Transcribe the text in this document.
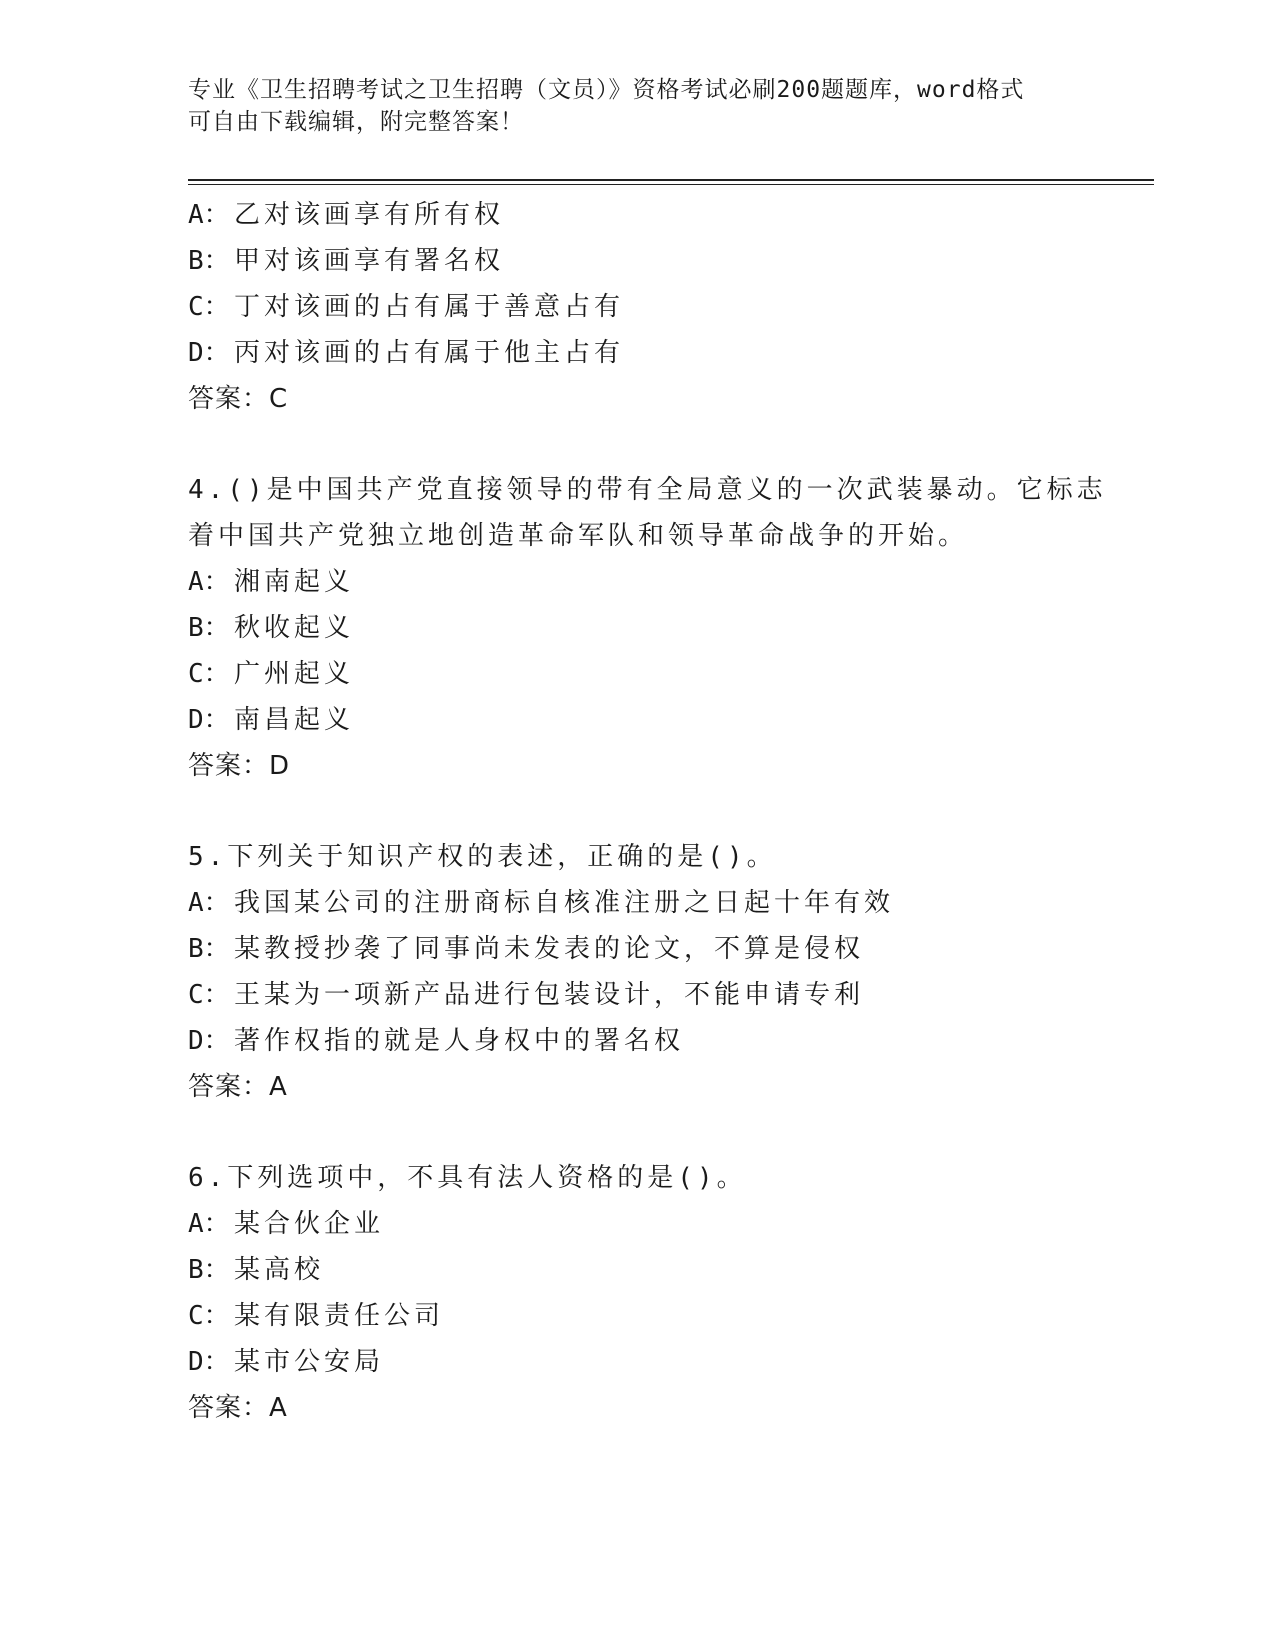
专业《卫生招聘考试之卫生招聘（文员）》资格考试必刷200题题库，word格式
可自由下载编辑，附完整答案！
A： 乙对该画享有所有权
B： 甲对该画享有署名权
C： 丁对该画的占有属于善意占有
D： 丙对该画的占有属于他主占有
答案：C
4.()是中国共产党直接领导的带有全局意义的一次武装暴动。它标志
着中国共产党独立地创造革命军队和领导革命战争的开始。
A： 湘南起义
B： 秋收起义
C： 广州起义
D： 南昌起义
答案：D
5.下列关于知识产权的表述，正确的是()。
A： 我国某公司的注册商标自核准注册之日起十年有效
B： 某教授抄袭了同事尚未发表的论文，不算是侵权
C： 王某为一项新产品进行包装设计，不能申请专利
D： 著作权指的就是人身权中的署名权
答案：A
6.下列选项中，不具有法人资格的是()。
A： 某合伙企业
B： 某高校
C： 某有限责任公司
D： 某市公安局
答案：A
